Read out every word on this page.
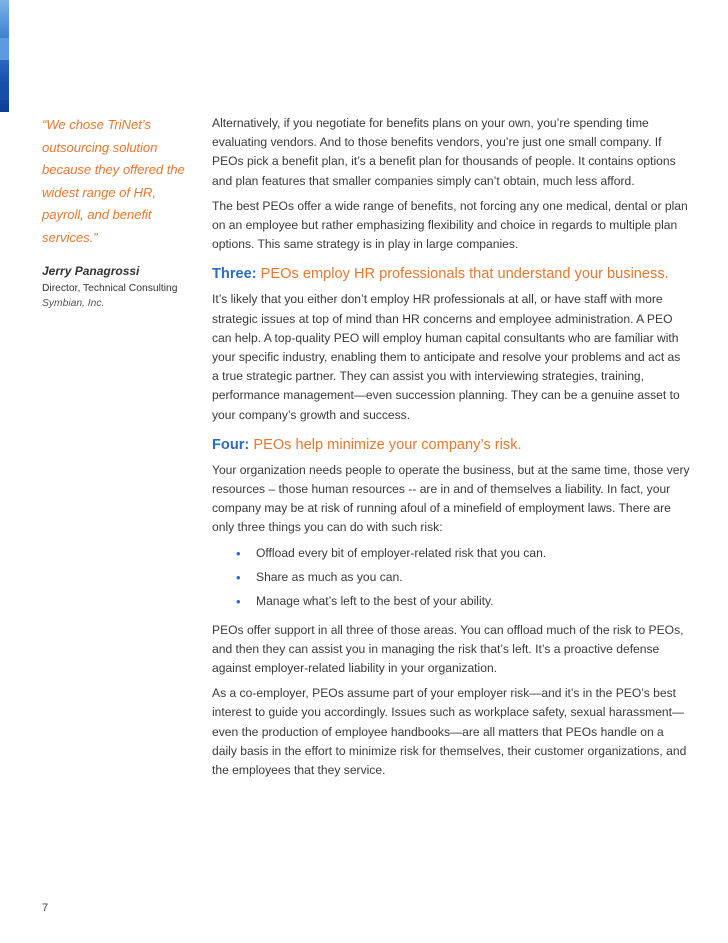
“We chose TriNet’s outsourcing solution because they offered the widest range of HR, payroll, and benefit services.”

Jerry Panagrossi
Director, Technical Consulting
Symbian, Inc.

Alternatively, if you negotiate for benefits plans on your own, you’re spending time evaluating vendors. And to those benefits vendors, you’re just one small company. If PEOs pick a benefit plan, it’s a benefit plan for thousands of people. It contains options and plan features that smaller companies simply can’t obtain, much less afford.

The best PEOs offer a wide range of benefits, not forcing any one medical, dental or plan on an employee but rather emphasizing flexibility and choice in regards to multiple plan options. This same strategy is in play in large companies.

Three: PEOs employ HR professionals that understand your business.

It’s likely that you either don’t employ HR professionals at all, or have staff with more strategic issues at top of mind than HR concerns and employee administration. A PEO can help. A top-quality PEO will employ human capital consultants who are familiar with your specific industry, enabling them to anticipate and resolve your problems and act as a true strategic partner. They can assist you with interviewing strategies, training, performance management—even succession planning. They can be a genuine asset to your company’s growth and success.

Four: PEOs help minimize your company’s risk.

Your organization needs people to operate the business, but at the same time, those very resources – those human resources -- are in and of themselves a liability. In fact, your company may be at risk of running afoul of a minefield of employment laws. There are only three things you can do with such risk:

• Offload every bit of employer-related risk that you can.
• Share as much as you can.
• Manage what’s left to the best of your ability.

PEOs offer support in all three of those areas. You can offload much of the risk to PEOs, and then they can assist you in managing the risk that’s left. It’s a proactive defense against employer-related liability in your organization.

As a co-employer, PEOs assume part of your employer risk—and it’s in the PEO’s best interest to guide you accordingly. Issues such as workplace safety, sexual harassment—even the production of employee handbooks—are all matters that PEOs handle on a daily basis in the effort to minimize risk for themselves, their customer organizations, and the employees that they service.

7
